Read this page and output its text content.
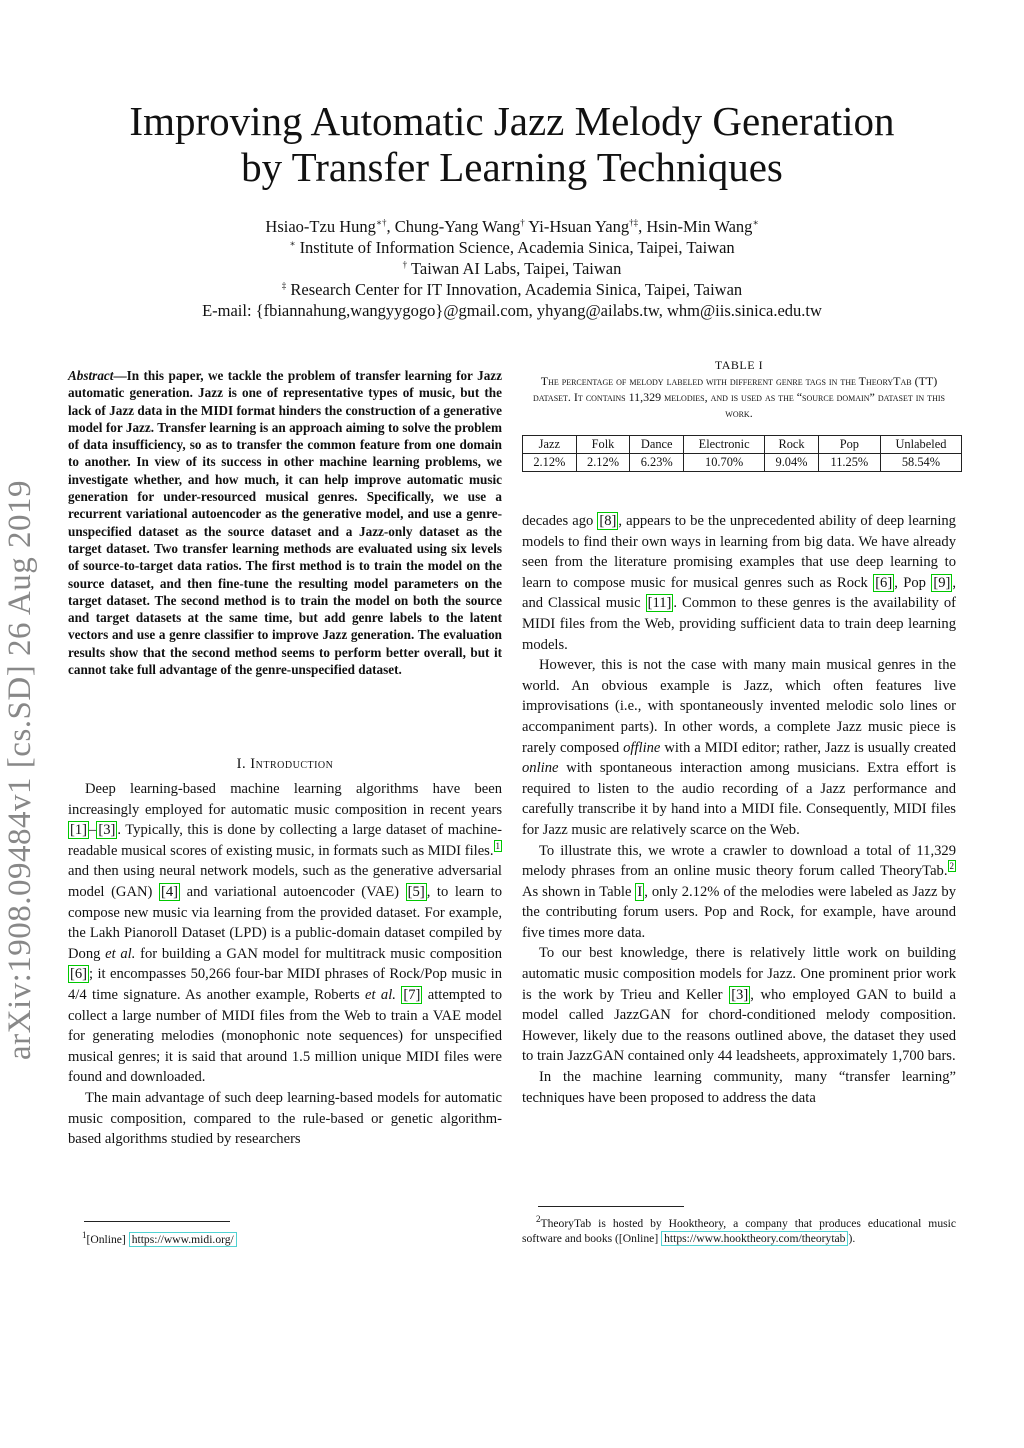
Improving Automatic Jazz Melody Generation
by Transfer Learning Techniques
Hsiao-Tzu Hung∗†, Chung-Yang Wang† Yi-Hsuan Yang†‡, Hsin-Min Wang∗
∗ Institute of Information Science, Academia Sinica, Taipei, Taiwan
† Taiwan AI Labs, Taipei, Taiwan
‡ Research Center for IT Innovation, Academia Sinica, Taipei, Taiwan
E-mail: {fbiannahung,wangyygogo}@gmail.com, yhyang@ailabs.tw, whm@iis.sinica.edu.tw
arXiv:1908.09484v1 [cs.SD] 26 Aug 2019
Abstract—In this paper, we tackle the problem of transfer learning for Jazz automatic generation. Jazz is one of representative types of music, but the lack of Jazz data in the MIDI format hinders the construction of a generative model for Jazz. Transfer learning is an approach aiming to solve the problem of data insufficiency, so as to transfer the common feature from one domain to another. In view of its success in other machine learning problems, we investigate whether, and how much, it can help improve automatic music generation for under-resourced musical genres. Specifically, we use a recurrent variational autoencoder as the generative model, and use a genre-unspecified dataset as the source dataset and a Jazz-only dataset as the target dataset. Two transfer learning methods are evaluated using six levels of source-to-target data ratios. The first method is to train the model on the source dataset, and then fine-tune the resulting model parameters on the target dataset. The second method is to train the model on both the source and target datasets at the same time, but add genre labels to the latent vectors and use a genre classifier to improve Jazz generation. The evaluation results show that the second method seems to perform better overall, but it cannot take full advantage of the genre-unspecified dataset.
I. Introduction

Deep learning-based machine learning algorithms have been increasingly employed for automatic music composition in recent years [1] – [3] . Typically, this is done by collecting a large dataset of machine-readable musical scores of existing music, in formats such as MIDI files. $^1$ and then using neural network models, such as the generative adversarial model (GAN) [4] and variational autoencoder (VAE) [5] , to learn to compose new music via learning from the provided dataset. For example, the Lakh Pianoroll Dataset (LPD) is a public-domain dataset compiled by Dong et al. for building a GAN model for multitrack music composition [6] ; it encompasses 50,266 four-bar MIDI phrases of Rock/Pop music in 4/4 time signature. As another example, Roberts et al. [7] attempted to collect a large number of MIDI files from the Web to train a VAE model for generating melodies (monophonic note sequences) for unspecified musical genres; it is said that around 1.5 million unique MIDI files were found and downloaded.

The main advantage of such deep learning-based models for automatic music composition, compared to the rule-based or genetic algorithm-based algorithms studied by researchers

$^1$[Online] https://www.midi.org/
TABLE I
The percentage of melody labeled with different genre tags in the TheoryTab (TT) dataset. It contains 11,329 melodies, and is used as the “source domain” dataset in this work.
Jazz	Folk	Dance	Electronic	Rock	Pop	Unlabeled
2.12%	2.12%	6.23%	10.70%	9.04%	11.25%	58.54%

decades ago [8] , appears to be the unprecedented ability of deep learning models to find their own ways in learning from big data. We have already seen from the literature promising examples that use deep learning to learn to compose music for musical genres such as Rock [6] , Pop [9] , and Classical music [11] . Common to these genres is the availability of MIDI files from the Web, providing sufficient data to train deep learning models.

However, this is not the case with many main musical genres in the world. An obvious example is Jazz, which often features live improvisations (i.e., with spontaneously invented melodic solo lines or accompaniment parts). In other words, a complete Jazz music piece is rarely composed offline with a MIDI editor; rather, Jazz is usually created online with spontaneous interaction among musicians. Extra effort is required to listen to the audio recording of a Jazz performance and carefully transcribe it by hand into a MIDI file. Consequently, MIDI files for Jazz music are relatively scarce on the Web.

To illustrate this, we wrote a crawler to download a total of 11,329 melody phrases from an online music theory forum called TheoryTab. $^2$ As shown in Table I , only 2.12% of the melodies were labeled as Jazz by the contributing forum users. Pop and Rock, for example, have around five times more data.

To our best knowledge, there is relatively little work on building automatic music composition models for Jazz. One prominent prior work is the work by Trieu and Keller [3] , who employed GAN to build a model called JazzGAN for chord-conditioned melody composition. However, likely due to the reasons outlined above, the dataset they used to train JazzGAN contained only 44 leadsheets, approximately 1,700 bars.

In the machine learning community, many “transfer learning” techniques have been proposed to address the data

$^2$TheoryTab is hosted by Hooktheory, a company that produces educational music software and books ([Online] https://www.hooktheory.com/theorytab ).
